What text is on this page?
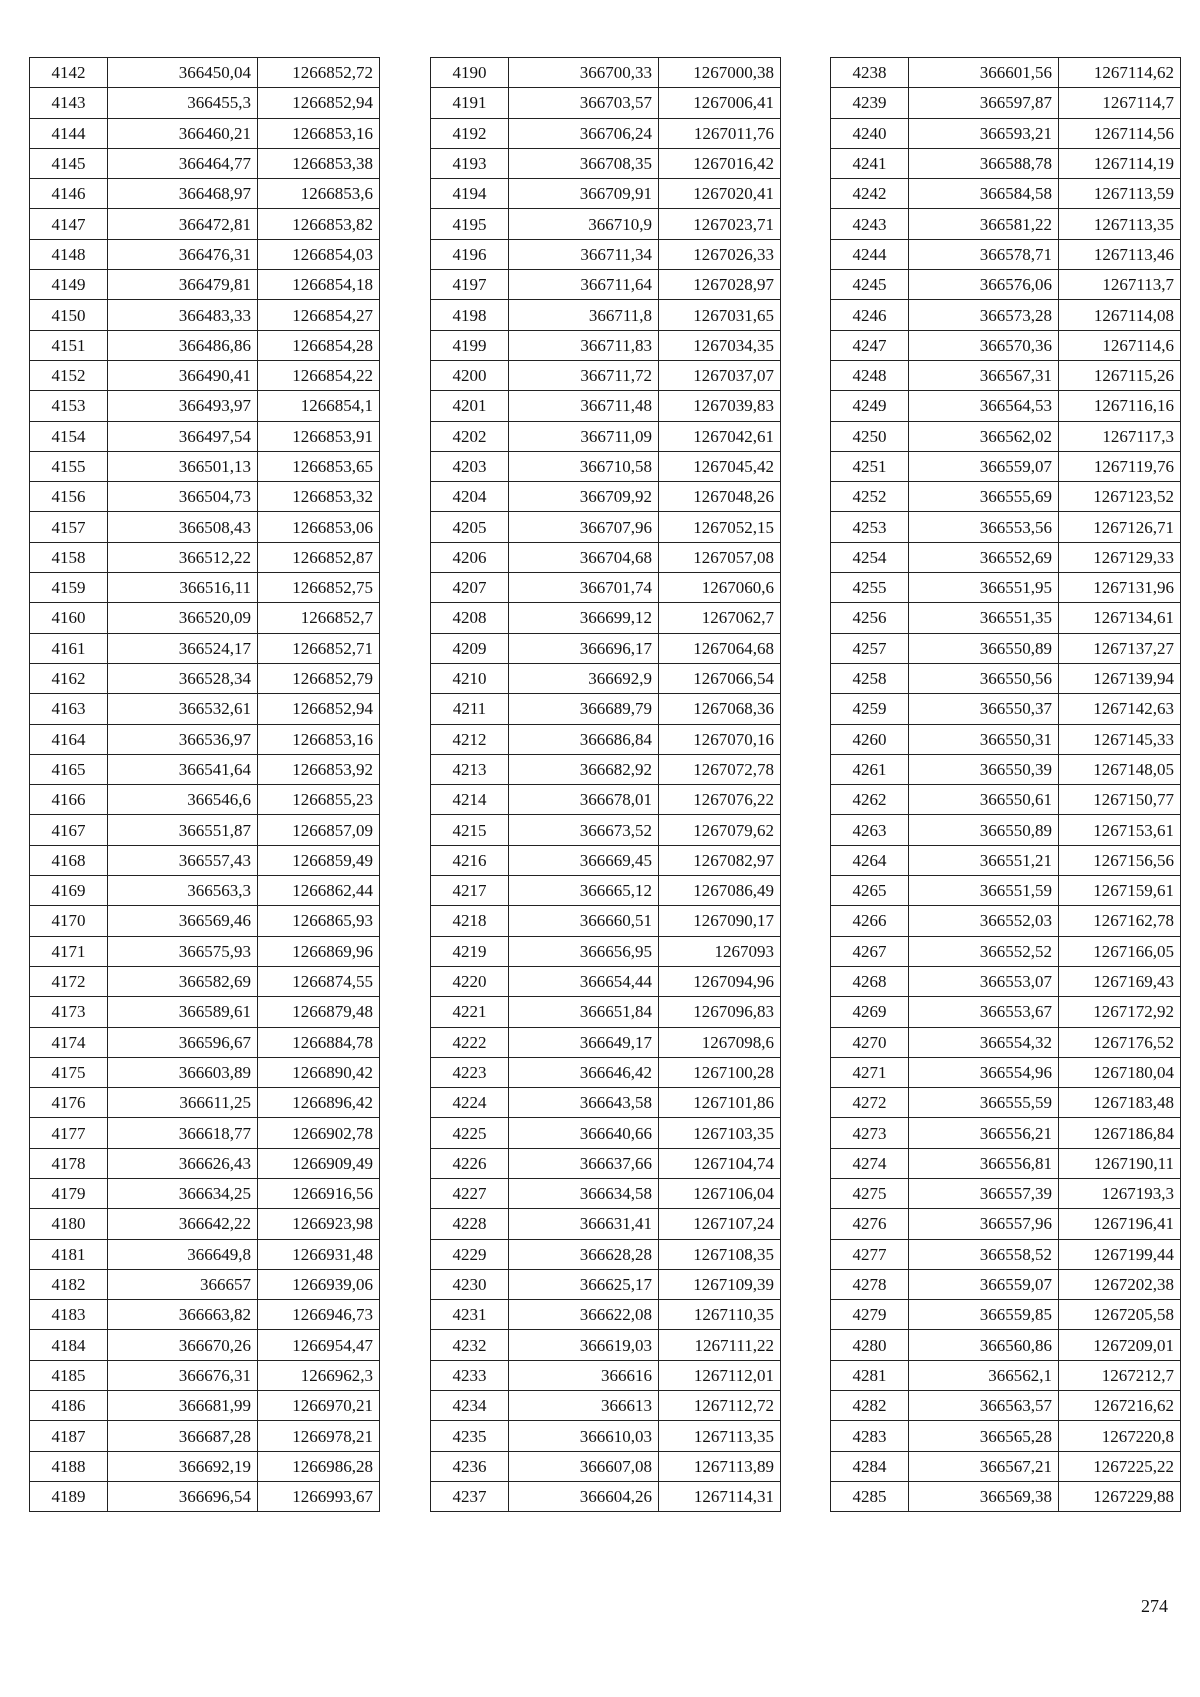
4142	366450,04	1266852,72
4143	366455,3	1266852,94
4144	366460,21	1266853,16
4145	366464,77	1266853,38
4146	366468,97	1266853,6
4147	366472,81	1266853,82
4148	366476,31	1266854,03
4149	366479,81	1266854,18
4150	366483,33	1266854,27
4151	366486,86	1266854,28
4152	366490,41	1266854,22
4153	366493,97	1266854,1
4154	366497,54	1266853,91
4155	366501,13	1266853,65
4156	366504,73	1266853,32
4157	366508,43	1266853,06
4158	366512,22	1266852,87
4159	366516,11	1266852,75
4160	366520,09	1266852,7
4161	366524,17	1266852,71
4162	366528,34	1266852,79
4163	366532,61	1266852,94
4164	366536,97	1266853,16
4165	366541,64	1266853,92
4166	366546,6	1266855,23
4167	366551,87	1266857,09
4168	366557,43	1266859,49
4169	366563,3	1266862,44
4170	366569,46	1266865,93
4171	366575,93	1266869,96
4172	366582,69	1266874,55
4173	366589,61	1266879,48
4174	366596,67	1266884,78
4175	366603,89	1266890,42
4176	366611,25	1266896,42
4177	366618,77	1266902,78
4178	366626,43	1266909,49
4179	366634,25	1266916,56
4180	366642,22	1266923,98
4181	366649,8	1266931,48
4182	366657	1266939,06
4183	366663,82	1266946,73
4184	366670,26	1266954,47
4185	366676,31	1266962,3
4186	366681,99	1266970,21
4187	366687,28	1266978,21
4188	366692,19	1266986,28
4189	366696,54	1266993,67
4190	366700,33	1267000,38
4191	366703,57	1267006,41
4192	366706,24	1267011,76
4193	366708,35	1267016,42
4194	366709,91	1267020,41
4195	366710,9	1267023,71
4196	366711,34	1267026,33
4197	366711,64	1267028,97
4198	366711,8	1267031,65
4199	366711,83	1267034,35
4200	366711,72	1267037,07
4201	366711,48	1267039,83
4202	366711,09	1267042,61
4203	366710,58	1267045,42
4204	366709,92	1267048,26
4205	366707,96	1267052,15
4206	366704,68	1267057,08
4207	366701,74	1267060,6
4208	366699,12	1267062,7
4209	366696,17	1267064,68
4210	366692,9	1267066,54
4211	366689,79	1267068,36
4212	366686,84	1267070,16
4213	366682,92	1267072,78
4214	366678,01	1267076,22
4215	366673,52	1267079,62
4216	366669,45	1267082,97
4217	366665,12	1267086,49
4218	366660,51	1267090,17
4219	366656,95	1267093
4220	366654,44	1267094,96
4221	366651,84	1267096,83
4222	366649,17	1267098,6
4223	366646,42	1267100,28
4224	366643,58	1267101,86
4225	366640,66	1267103,35
4226	366637,66	1267104,74
4227	366634,58	1267106,04
4228	366631,41	1267107,24
4229	366628,28	1267108,35
4230	366625,17	1267109,39
4231	366622,08	1267110,35
4232	366619,03	1267111,22
4233	366616	1267112,01
4234	366613	1267112,72
4235	366610,03	1267113,35
4236	366607,08	1267113,89
4237	366604,26	1267114,31
4238	366601,56	1267114,62
4239	366597,87	1267114,7
4240	366593,21	1267114,56
4241	366588,78	1267114,19
4242	366584,58	1267113,59
4243	366581,22	1267113,35
4244	366578,71	1267113,46
4245	366576,06	1267113,7
4246	366573,28	1267114,08
4247	366570,36	1267114,6
4248	366567,31	1267115,26
4249	366564,53	1267116,16
4250	366562,02	1267117,3
4251	366559,07	1267119,76
4252	366555,69	1267123,52
4253	366553,56	1267126,71
4254	366552,69	1267129,33
4255	366551,95	1267131,96
4256	366551,35	1267134,61
4257	366550,89	1267137,27
4258	366550,56	1267139,94
4259	366550,37	1267142,63
4260	366550,31	1267145,33
4261	366550,39	1267148,05
4262	366550,61	1267150,77
4263	366550,89	1267153,61
4264	366551,21	1267156,56
4265	366551,59	1267159,61
4266	366552,03	1267162,78
4267	366552,52	1267166,05
4268	366553,07	1267169,43
4269	366553,67	1267172,92
4270	366554,32	1267176,52
4271	366554,96	1267180,04
4272	366555,59	1267183,48
4273	366556,21	1267186,84
4274	366556,81	1267190,11
4275	366557,39	1267193,3
4276	366557,96	1267196,41
4277	366558,52	1267199,44
4278	366559,07	1267202,38
4279	366559,85	1267205,58
4280	366560,86	1267209,01
4281	366562,1	1267212,7
4282	366563,57	1267216,62
4283	366565,28	1267220,8
4284	366567,21	1267225,22
4285	366569,38	1267229,88
274
